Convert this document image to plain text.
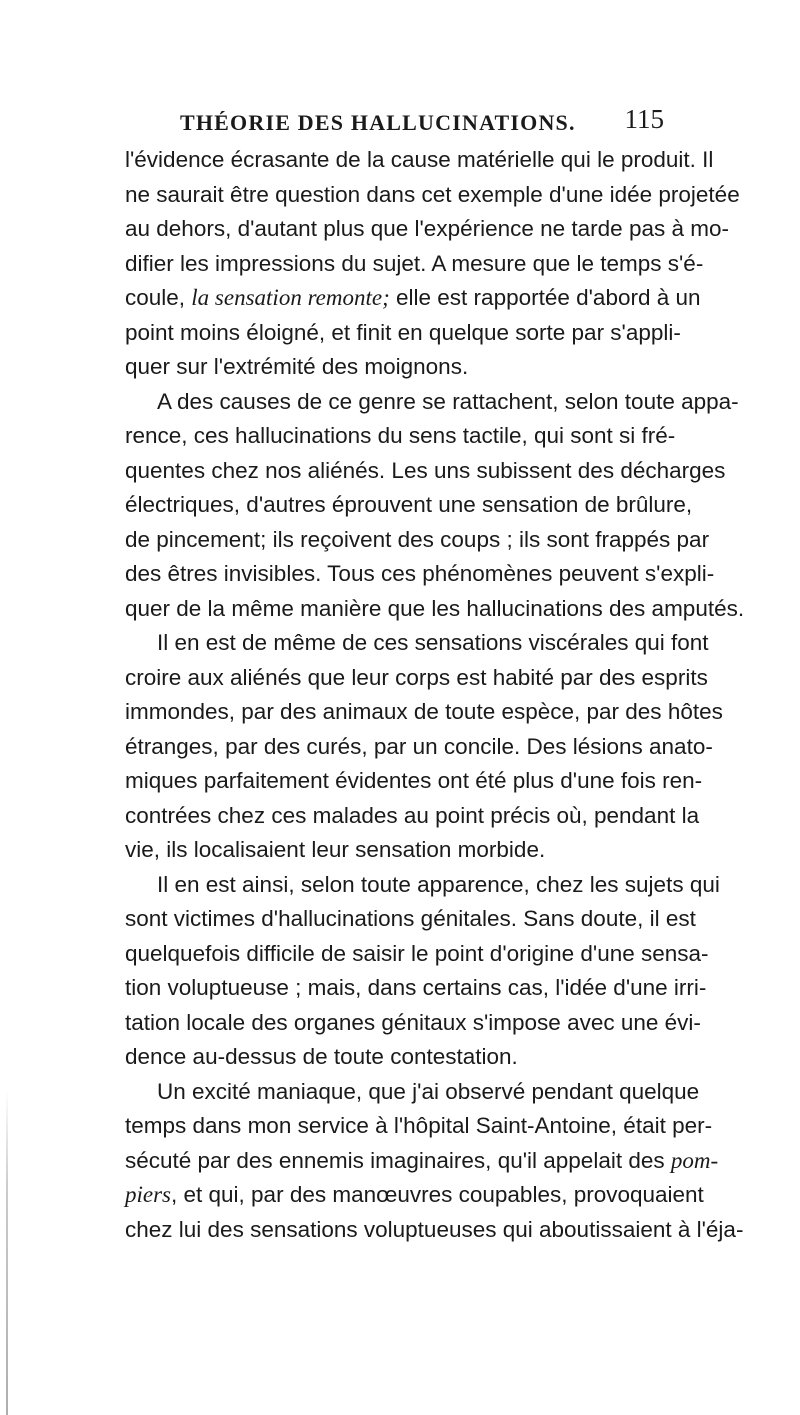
THÉORIE DES HALLUCINATIONS. 115
l'évidence écrasante de la cause matérielle qui le produit. Il
ne saurait être question dans cet exemple d'une idée projetée
au dehors, d'autant plus que l'expérience ne tarde pas à mo-
difier les impressions du sujet. A mesure que le temps s'é-
coule, la sensation remonte; elle est rapportée d'abord à un
point moins éloigné, et finit en quelque sorte par s'appli-
quer sur l'extrémité des moignons.
A des causes de ce genre se rattachent, selon toute appa-
rence, ces hallucinations du sens tactile, qui sont si fré-
quentes chez nos aliénés. Les uns subissent des décharges
électriques, d'autres éprouvent une sensation de brûlure,
de pincement; ils reçoivent des coups ; ils sont frappés par
des êtres invisibles. Tous ces phénomènes peuvent s'expli-
quer de la même manière que les hallucinations des amputés.
Il en est de même de ces sensations viscérales qui font
croire aux aliénés que leur corps est habité par des esprits
immondes, par des animaux de toute espèce, par des hôtes
étranges, par des curés, par un concile. Des lésions anato-
miques parfaitement évidentes ont été plus d'une fois ren-
contrées chez ces malades au point précis où, pendant la
vie, ils localisaient leur sensation morbide.
Il en est ainsi, selon toute apparence, chez les sujets qui
sont victimes d'hallucinations génitales. Sans doute, il est
quelquefois difficile de saisir le point d'origine d'une sensa-
tion voluptueuse ; mais, dans certains cas, l'idée d'une irri-
tation locale des organes génitaux s'impose avec une évi-
dence au-dessus de toute contestation.
Un excité maniaque, que j'ai observé pendant quelque
temps dans mon service à l'hôpital Saint-Antoine, était per-
sécuté par des ennemis imaginaires, qu'il appelait des pom-
piers, et qui, par des manœuvres coupables, provoquaient
chez lui des sensations voluptueuses qui aboutissaient à l'éja-
